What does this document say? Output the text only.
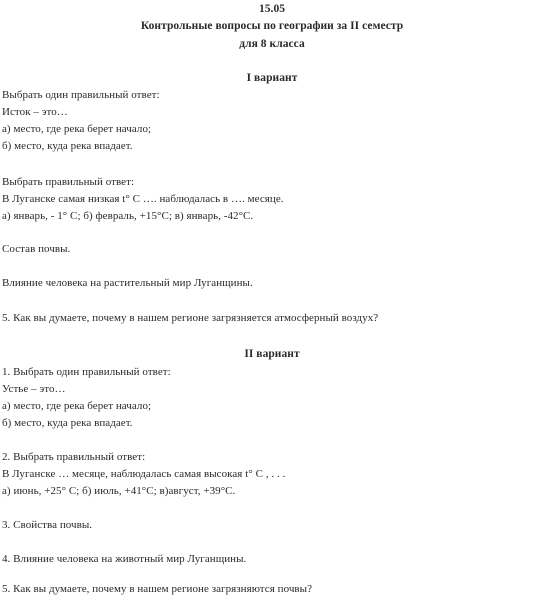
15.05
Контрольные вопросы по географии за II семестр
для 8 класса
I вариант
Выбрать один правильный ответ:
Исток – это…
а) место, где река берет начало;
б) место, куда река впадает.
Выбрать правильный ответ:
В Луганске самая низкая t° С …. наблюдалась в …. месяце.
а) январь, - 1° С; б) февраль, +15°С; в) январь, -42°С.
Состав почвы.
Влияние человека на растительный мир Луганщины.
5. Как вы думаете, почему в нашем регионе загрязняется атмосферный воздух?
II вариант
1. Выбрать один правильный ответ:
Устье – это…
а) место, где река берет начало;
б) место, куда река впадает.
2. Выбрать правильный ответ:
В Луганске … месяце, наблюдалась самая высокая t° С , . . .
а) июнь, +25° С; б) июль, +41°С; в)август, +39°С.
3. Свойства почвы.
4. Влияние человека на животный мир Луганщины.
5. Как вы думаете, почему в нашем регионе загрязняются почвы?
